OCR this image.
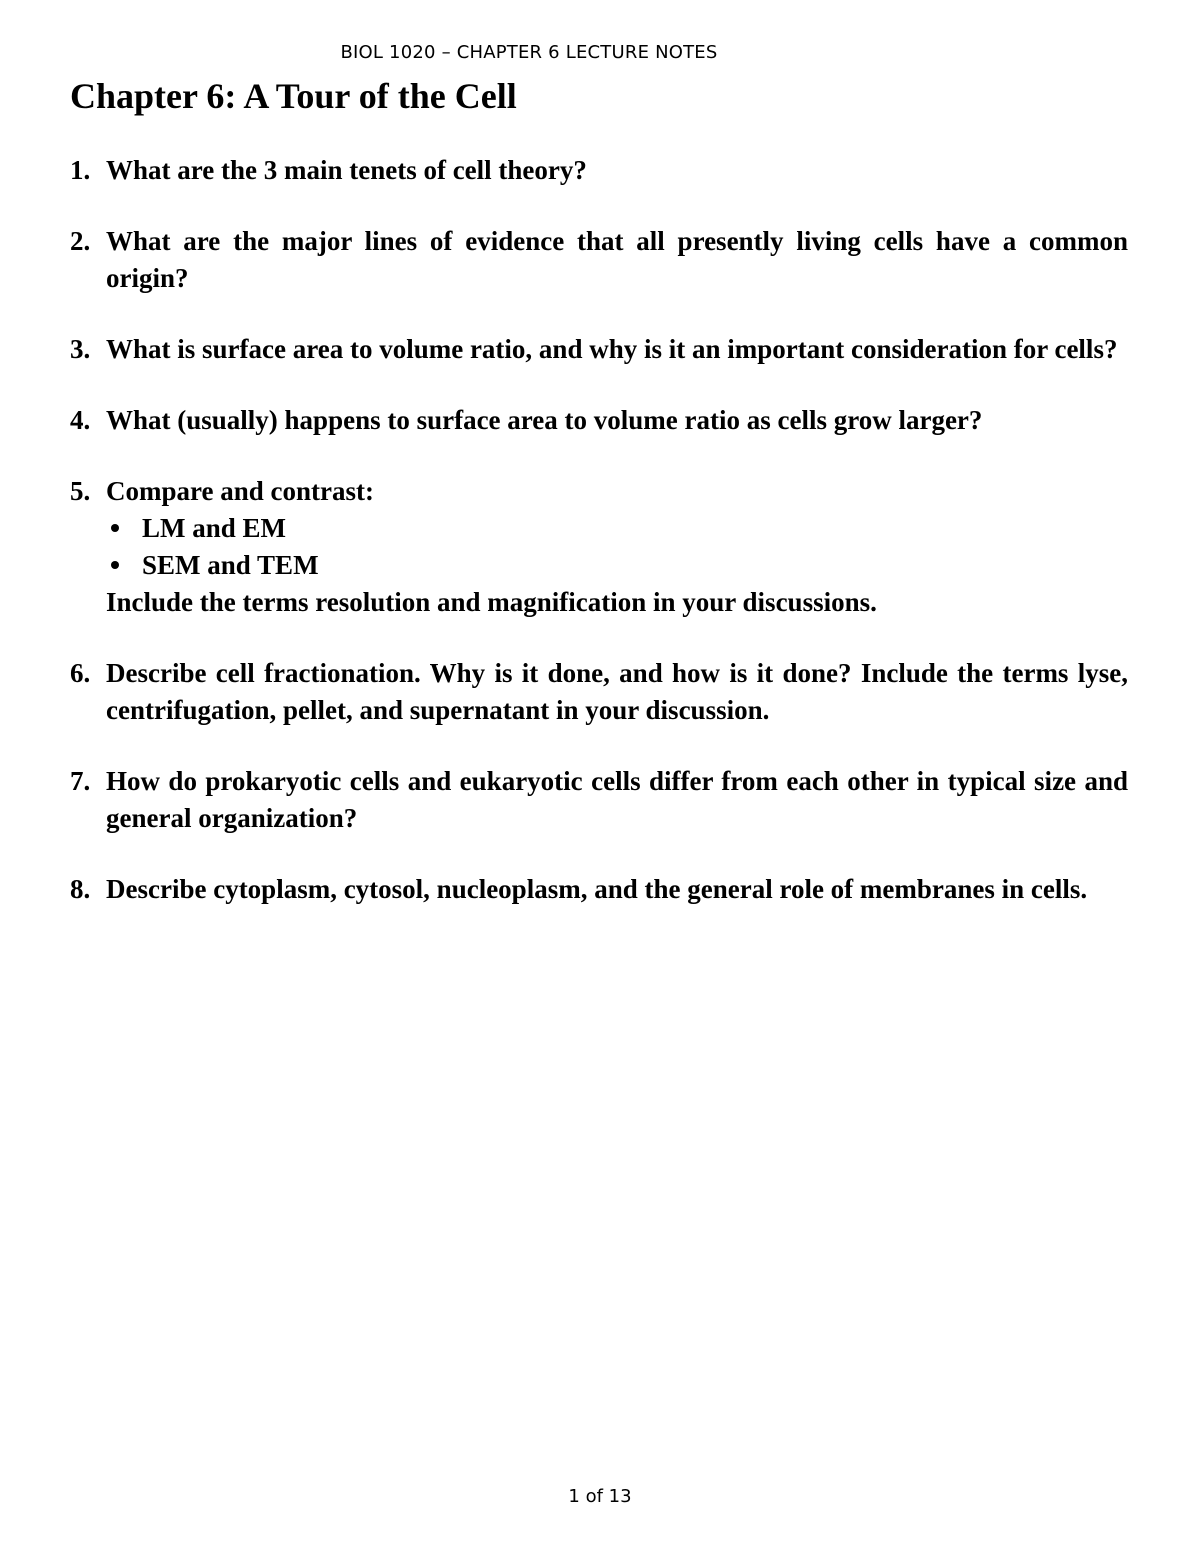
BIOL 1020 – CHAPTER 6 LECTURE NOTES
Chapter 6: A Tour of the Cell
1. What are the 3 main tenets of cell theory?
2. What are the major lines of evidence that all presently living cells have a common origin?
3. What is surface area to volume ratio, and why is it an important consideration for cells?
4. What (usually) happens to surface area to volume ratio as cells grow larger?
5. Compare and contrast:
LM and EM
SEM and TEM
Include the terms resolution and magnification in your discussions.
6. Describe cell fractionation. Why is it done, and how is it done? Include the terms lyse, centrifugation, pellet, and supernatant in your discussion.
7. How do prokaryotic cells and eukaryotic cells differ from each other in typical size and general organization?
8. Describe cytoplasm, cytosol, nucleoplasm, and the general role of membranes in cells.
1 of 13
